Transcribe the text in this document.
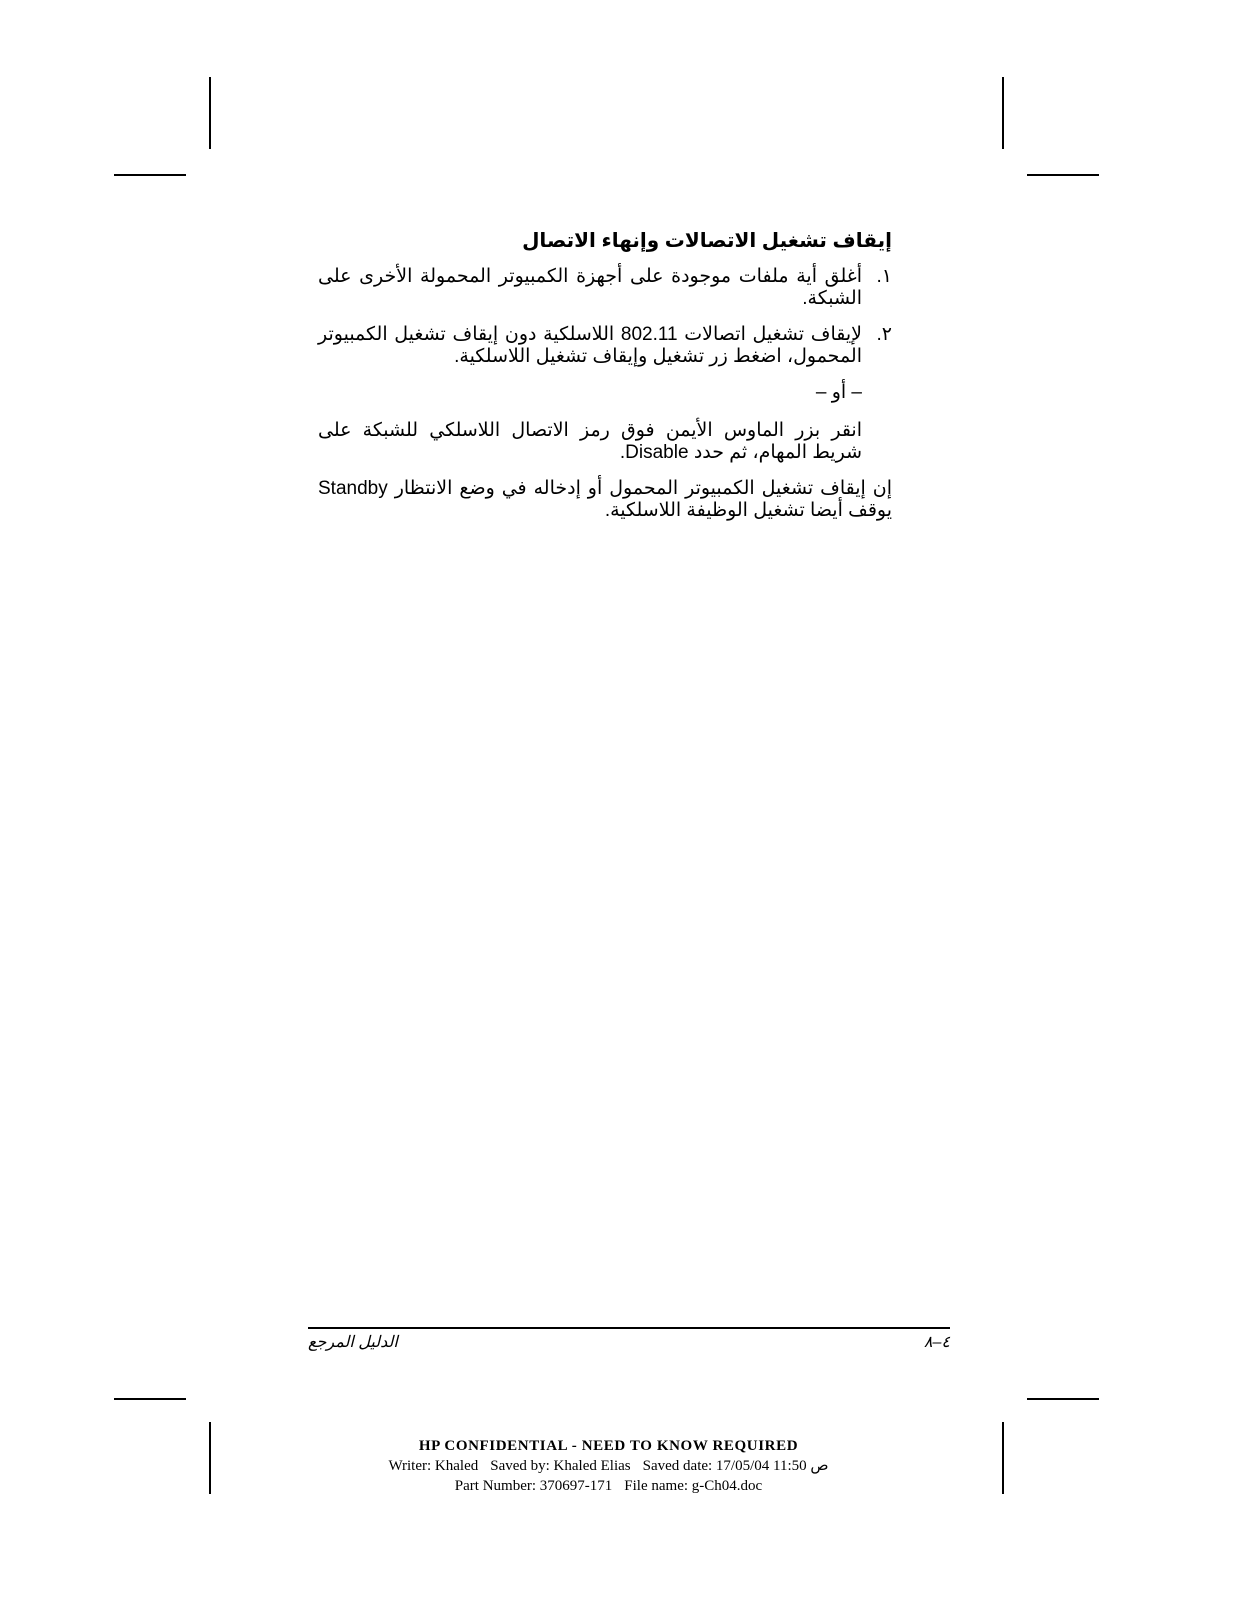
إيقاف تشغيل الاتصالات وإنهاء الاتصال
١.
أغلق أية ملفات موجودة على أجهزة الكمبيوتر المحمولة الأخرى على الشبكة.
٢.
لإيقاف تشغيل اتصالات 802.11 اللاسلكية دون إيقاف تشغيل الكمبيوتر المحمول، اضغط زر تشغيل وإيقاف تشغيل اللاسلكية.
– أو –
انقر بزر الماوس الأيمن فوق رمز الاتصال اللاسلكي للشبكة على شريط المهام، ثم حدد Disable.
إن إيقاف تشغيل الكمبيوتر المحمول أو إدخاله في وضع الانتظار Standby يوقف أيضا تشغيل الوظيفة اللاسلكية.
الدليل المرجع	٤–٨
HP CONFIDENTIAL - NEED TO KNOW REQUIRED
Writer: Khaled Saved by: Khaled Elias Saved date: 17/05/04 11:50 ص
Part Number: 370697-171 File name: g-Ch04.doc
